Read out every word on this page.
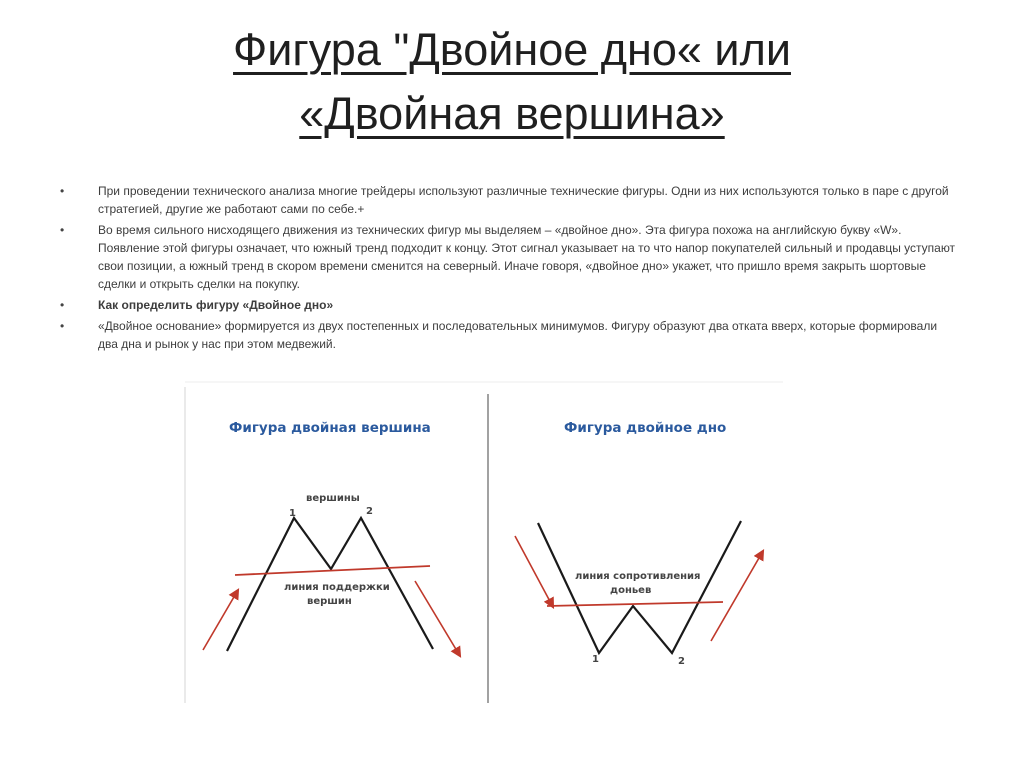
Фигура "Двойное дно« или
«Двойная вершина»
•	При проведении технического анализа многие трейдеры используют различные технические фигуры. Одни из них используются только в паре с другой стратегией, другие же работают сами по себе.+
•	Во время сильного нисходящего движения из технических фигур мы выделяем – «двойное дно». Эта фигура похожа на английскую букву «W». Появление этой фигуры означает, что южный тренд подходит к концу. Этот сигнал указывает на то что напор покупателей сильный и продавцы уступают свои позиции, а южный тренд в скором времени сменится на северный. Иначе говоря, «двойное дно» укажет, что пришло время закрыть шортовые сделки и открыть сделки на покупку.
•	Как определить фигуру «Двойное дно»
•	«Двойное основание» формируется из двух постепенных и последовательных минимумов. Фигуру образуют два отката вверх, которые формировали два дна и рынок у нас при этом медвежий.
Фигура двойная вершина
вершины
1	2
линия поддержки
вершин
Фигура двойное дно
линия сопротивления
доньев
1	2
